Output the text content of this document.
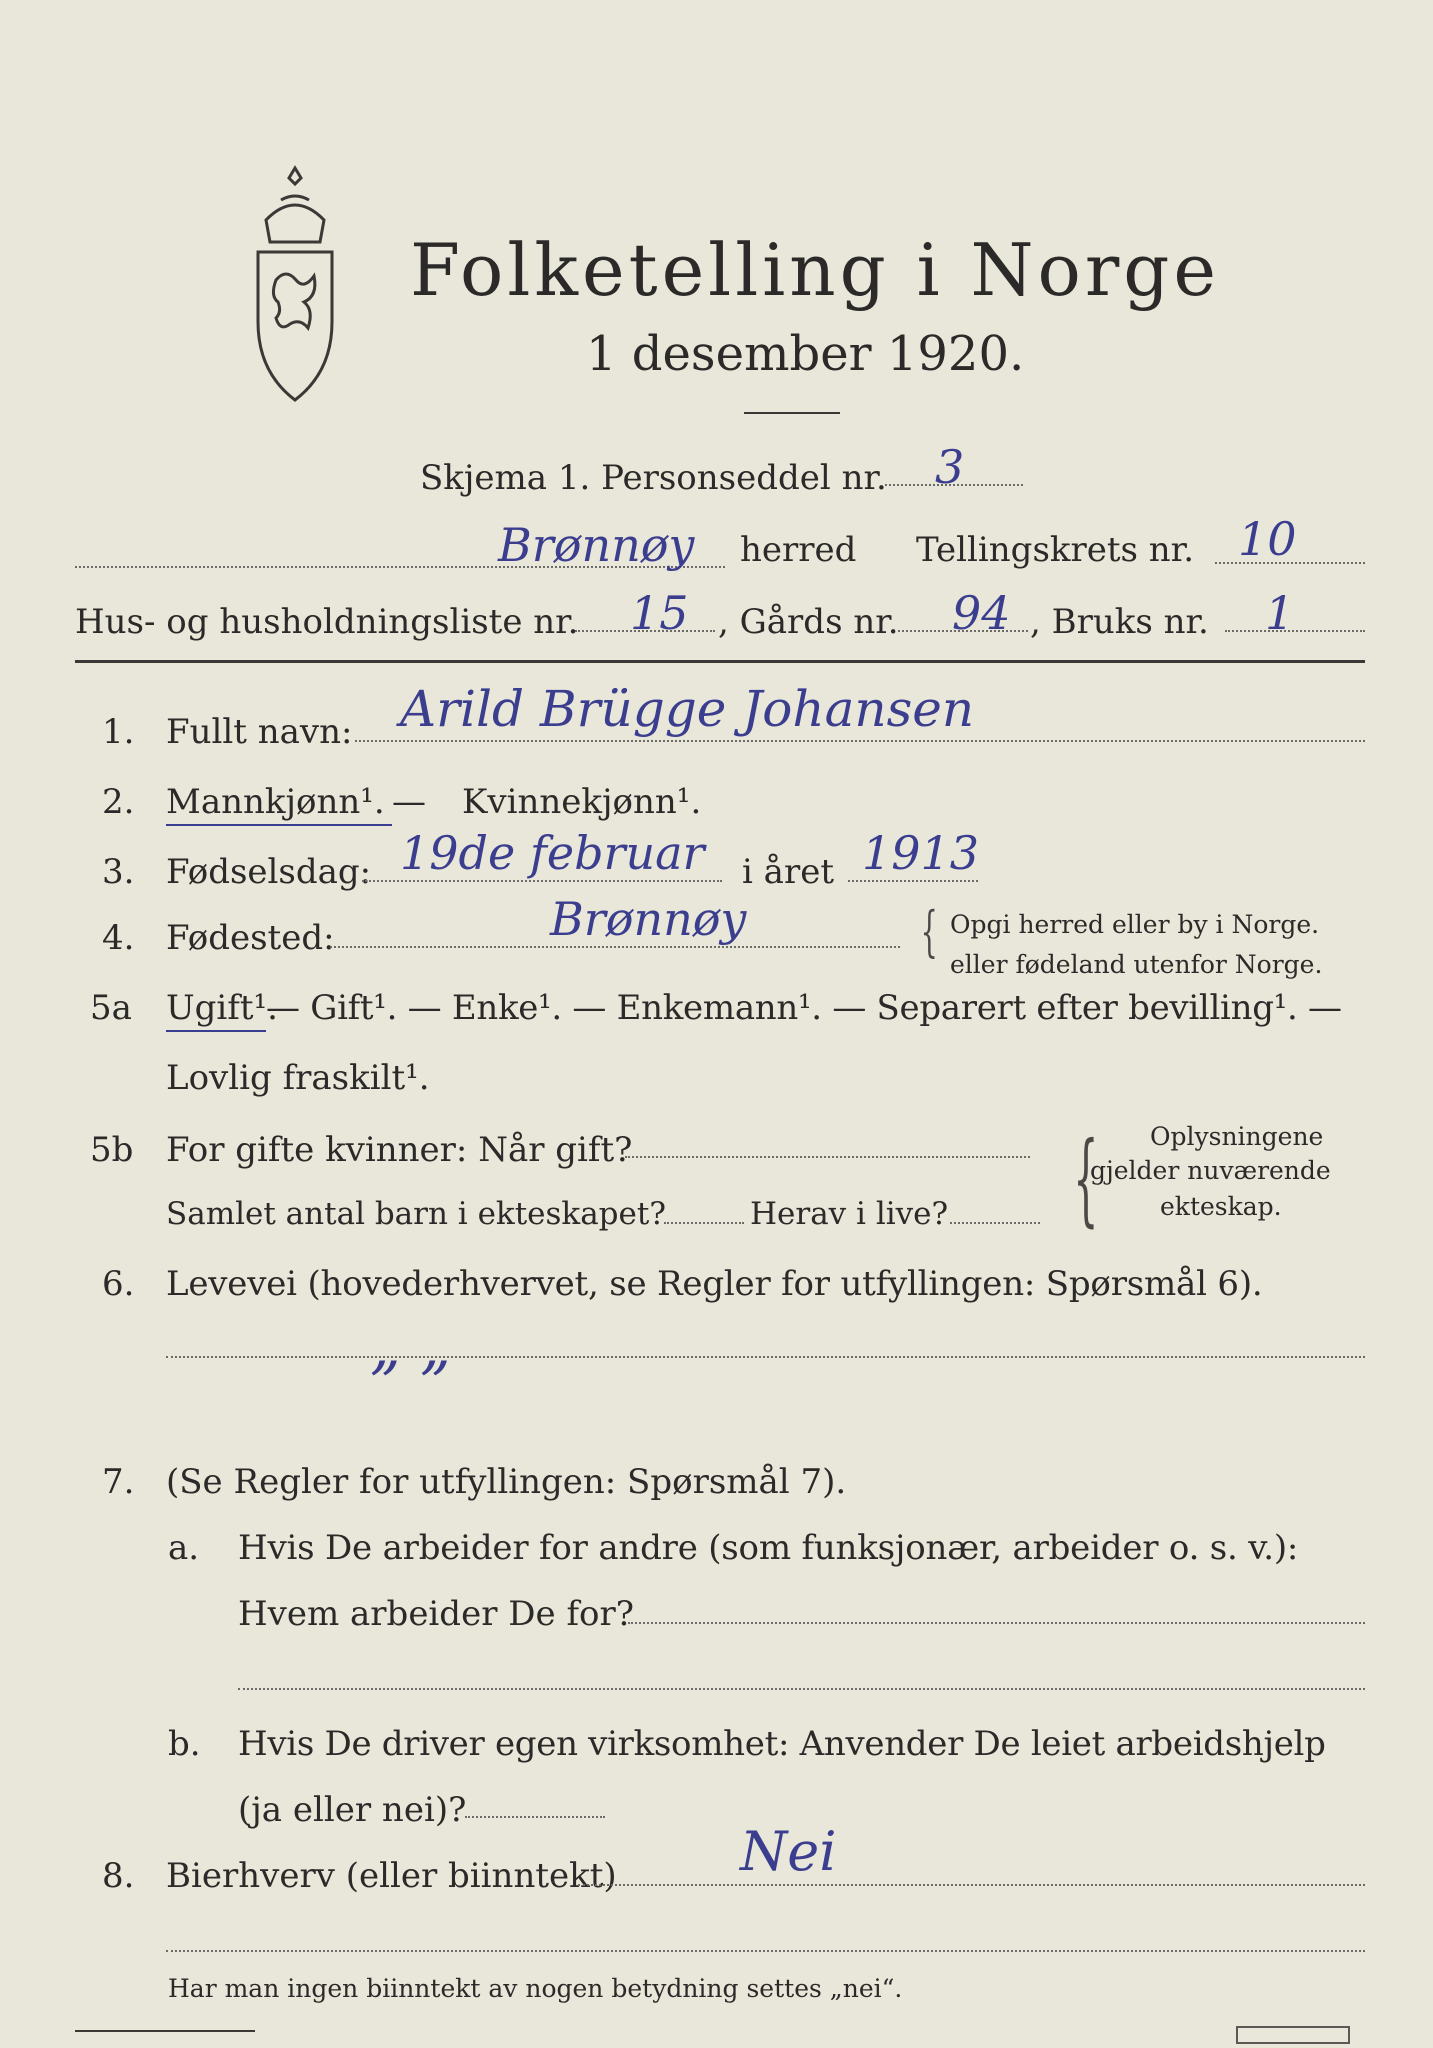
Folketelling i Norge
1 desember 1920.
Skjema 1. Personseddel nr. 3
Brønnøy herred Tellingskrets nr. 10
Hus- og husholdningsliste nr. 15 , Gårds nr. 94 , Bruks nr. 1
1. Fullt navn: Arild Brügge Johansen
2. Mannkjønn¹. — Kvinnekjønn¹.
3. Fødselsdag: 19de februar i året 1913
4. Fødested:	Brønnøy	{ Opgi herred eller by i Norge.
eller fødeland utenfor Norge.
5a Ugift¹.
— Gift¹. — Enke¹. — Enkemann¹. — Separert efter bevilling¹. —
Lovlig fraskilt¹.
5b For gifte kvinner: Når gift?
Samlet antal barn i ekteskapet?	Herav i live? { Oplysningene
gjelder nuværende
ekteskap.
6. Levevei (hovederhvervet, se Regler for utfyllingen: Spørsmål 6).
„ „
7. (Se Regler for utfyllingen: Spørsmål 7).
a. Hvis De arbeider for andre (som funksjonær, arbeider o. s. v.):
Hvem arbeider De for?
b. Hvis De driver egen virksomhet: Anvender De leiet arbeidshjelp
(ja eller nei)?
8. Bierhverv (eller biinntekt) Nei
Har man ingen biinntekt av nogen betydning settes „nei“.
